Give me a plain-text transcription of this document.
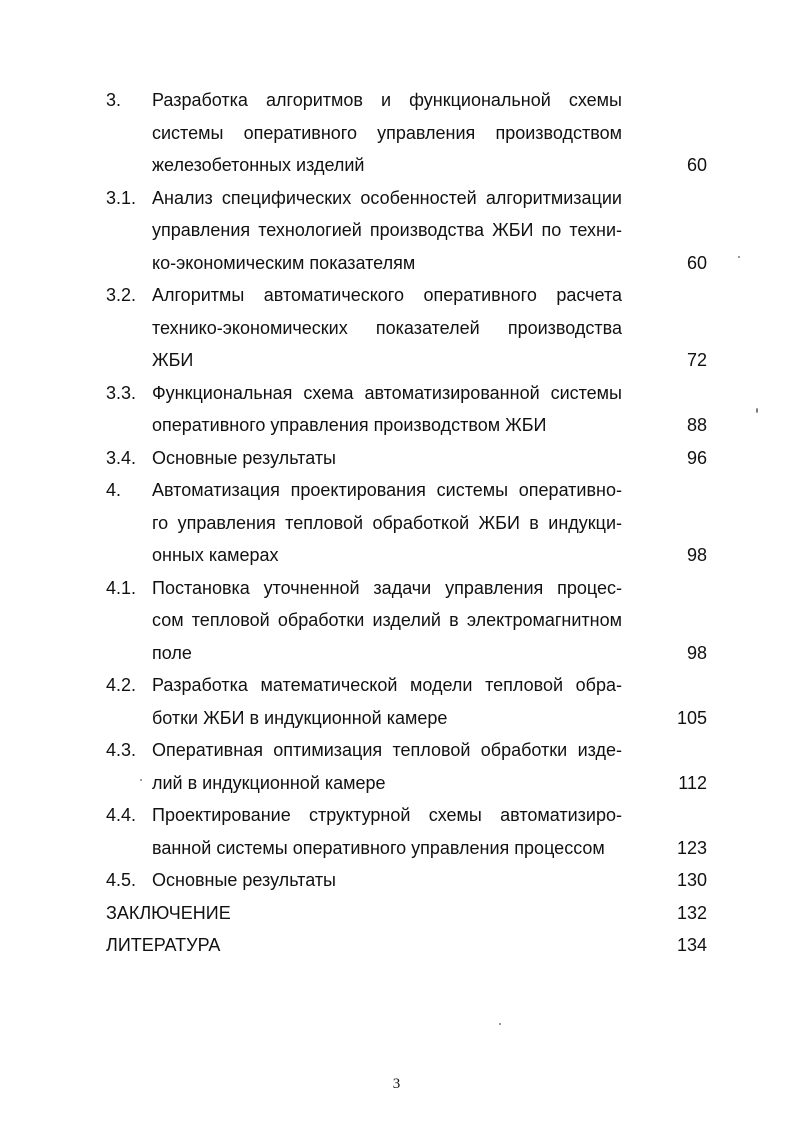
3. Разработка алгоритмов и функциональной схемы
системы оперативного управления производством
железобетонных изделий	60
3.1. Анализ специфических особенностей алгоритмизации
управления технологией производства ЖБИ по техни-
ко-экономическим показателям	60
3.2. Алгоритмы автоматического оперативного расчета
технико-экономических показателей производства
ЖБИ	72
3.3. Функциональная схема автоматизированной системы
оперативного управления производством ЖБИ	88
3.4. Основные результаты	96
4. Автоматизация проектирования системы оперативно-
го управления тепловой обработкой ЖБИ в индукци-
онных камерах	98
4.1. Постановка уточненной задачи управления процес-
сом тепловой обработки изделий в электромагнитном
поле	98
4.2. Разработка математической модели тепловой обра-
ботки ЖБИ в индукционной камере	105
4.3. Оперативная оптимизация тепловой обработки изде-
лий в индукционной камере	112
4.4. Проектирование структурной схемы автоматизиро-
ванной системы оперативного управления процессом	123
4.5. Основные результаты	130
ЗАКЛЮЧЕНИЕ	132
ЛИТЕРАТУРА	134
3
